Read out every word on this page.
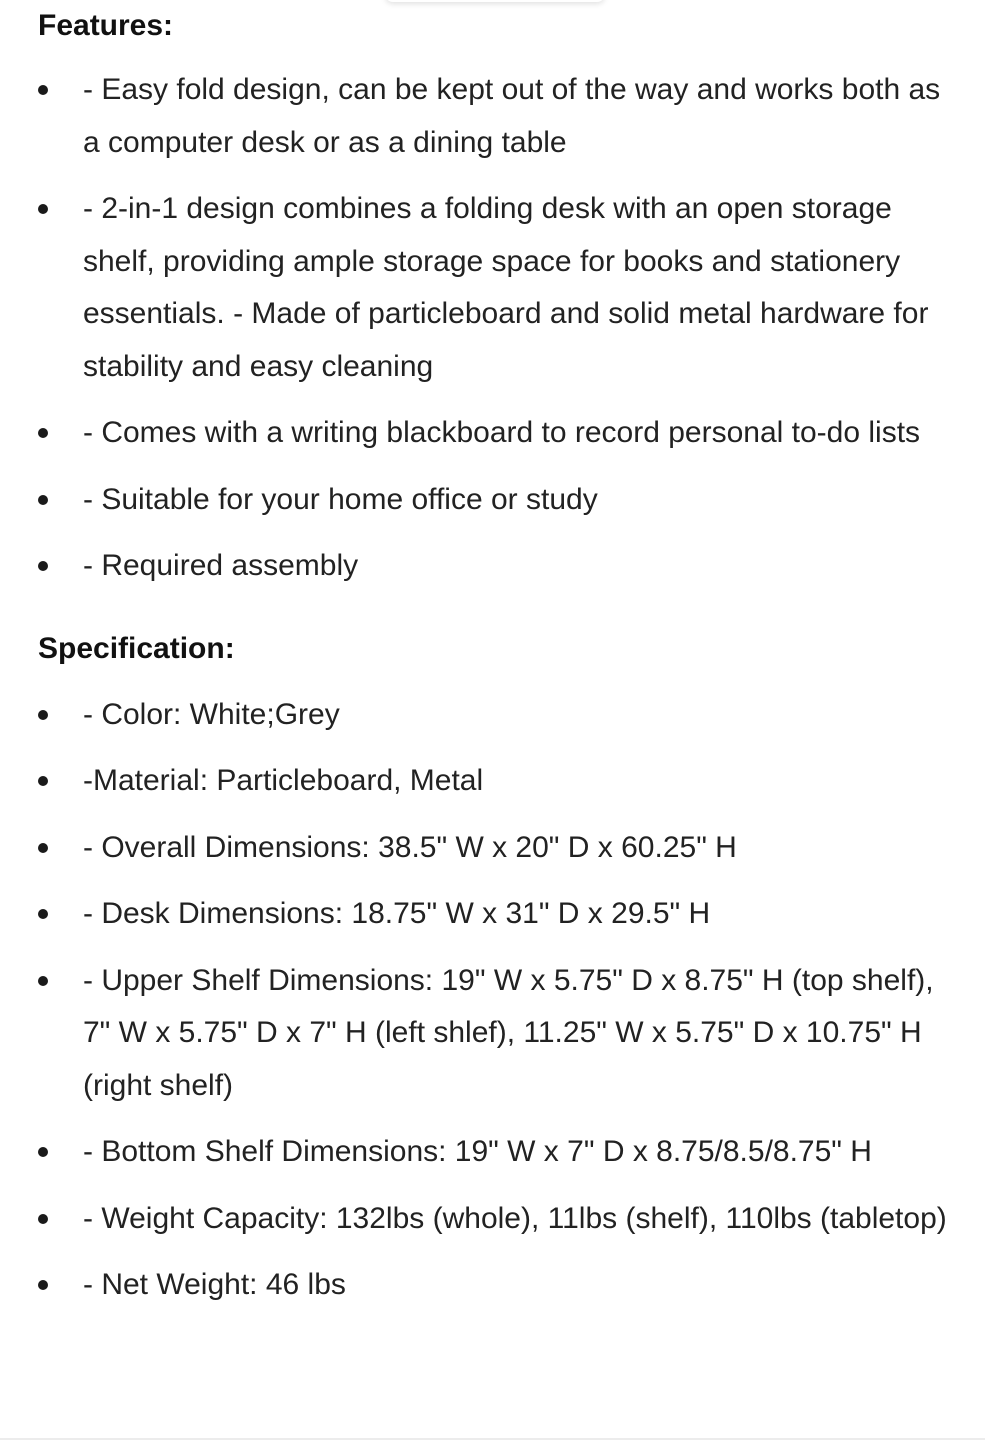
Features:
- Easy fold design, can be kept out of the way and works both as a computer desk or as a dining table
- 2-in-1 design combines a folding desk with an open storage shelf, providing ample storage space for books and stationery essentials. - Made of particleboard and solid metal hardware for stability and easy cleaning
- Comes with a writing blackboard to record personal to-do lists
- Suitable for your home office or study
- Required assembly
Specification:
- Color: White;Grey
-Material: Particleboard, Metal
- Overall Dimensions: 38.5" W x 20" D x 60.25" H
- Desk Dimensions: 18.75" W x 31" D x 29.5" H
- Upper Shelf Dimensions: 19" W x 5.75" D x 8.75" H (top shelf), 7" W x 5.75" D x 7" H (left shlef), 11.25" W x 5.75" D x 10.75" H (right shelf)
- Bottom Shelf Dimensions: 19" W x 7" D x 8.75/8.5/8.75" H
- Weight Capacity: 132lbs (whole), 11lbs (shelf), 110lbs (tabletop)
- Net Weight: 46 lbs
